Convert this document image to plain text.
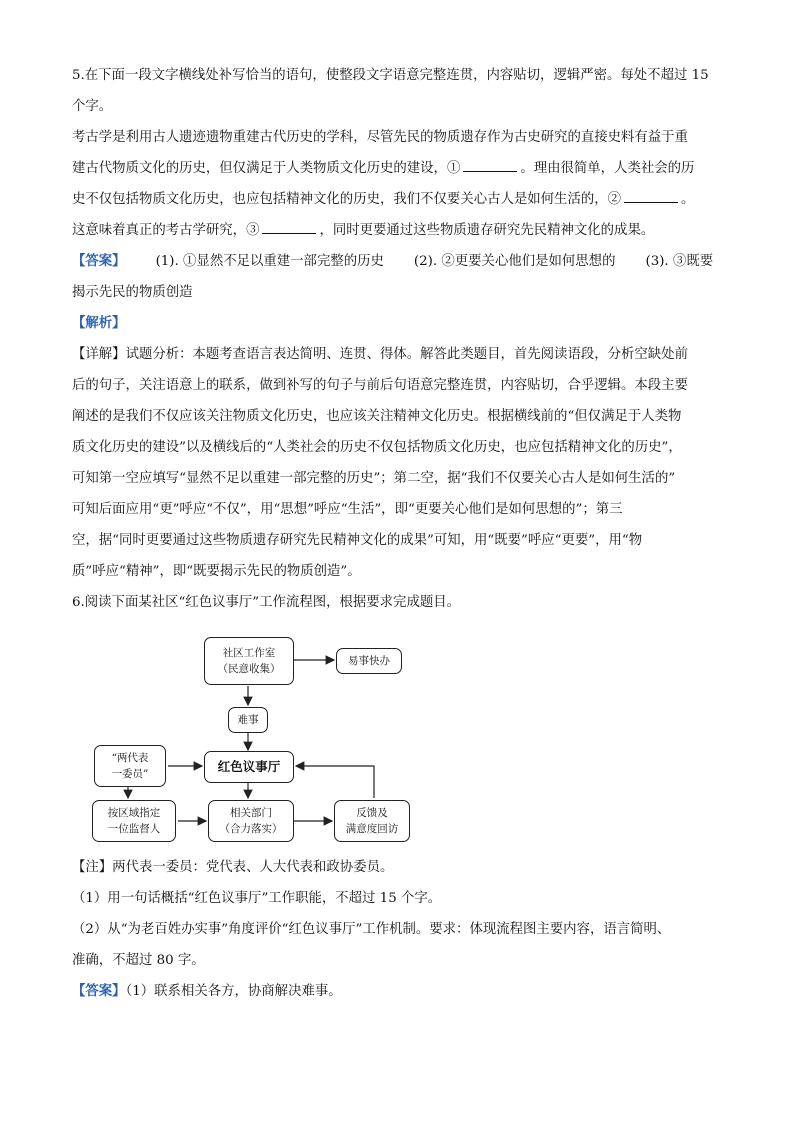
5.在下面一段文字横线处补写恰当的语句，使整段文字语意完整连贯，内容贴切，逻辑严密。每处不超过 15

个字。

考古学是利用古人遗迹遗物重建古代历史的学科，尽管先民的物质遗存作为古史研究的直接史料有益于重

建古代物质文化的历史，但仅满足于人类物质文化历史的建设，①	。理由很简单，人类社会的历

史不仅包括物质文化历史，也应包括精神文化的历史，我们不仅要关心古人是如何生活的，②	。

这意味着真正的考古学研究，③	，同时更要通过这些物质遗存研究先民精神文化的成果。

【答案】 (1). ①显然不足以重建一部完整的历史 (2). ②更要关心他们是如何思想的 (3). ③既要

揭示先民的物质创造

【解析】

【详解】试题分析：本题考查语言表达简明、连贯、得体。解答此类题目，首先阅读语段，分析空缺处前

后的句子，关注语意上的联系，做到补写的句子与前后句语意完整连贯，内容贴切，合乎逻辑。本段主要

阐述的是我们不仅应该关注物质文化历史，也应该关注精神文化历史。根据横线前的“但仅满足于人类物

质文化历史的建设”以及横线后的“人类社会的历史不仅包括物质文化历史，也应包括精神文化的历史”，

可知第一空应填写“显然不足以重建一部完整的历史”；第二空，据“我们不仅要关心古人是如何生活的”

可知后面应用“更”呼应“不仅”，用“思想”呼应“生活”，即“更要关心他们是如何思想的”；第三

空，据“同时更要通过这些物质遗存研究先民精神文化的成果”可知，用“既要”呼应“更要”，用“物

质”呼应“精神”，即“既要揭示先民的物质创造”。

6.阅读下面某社区“红色议事厅”工作流程图，根据要求完成题目。

社区工作室
（民意收集）
易事快办
难事
“两代表
一委员”	红色议事厅
按区域指定
一位监督人
相关部门
（合力落实）
反馈及
满意度回访

【注】两代表一委员：党代表、人大代表和政协委员。

（1）用一句话概括“红色议事厅”工作职能，不超过 15 个字。

（2）从“为老百姓办实事”角度评价“红色议事厅”工作机制。要求：体现流程图主要内容，语言简明、

准确，不超过 80 字。

【答案】（1）联系相关各方，协商解决难事。
